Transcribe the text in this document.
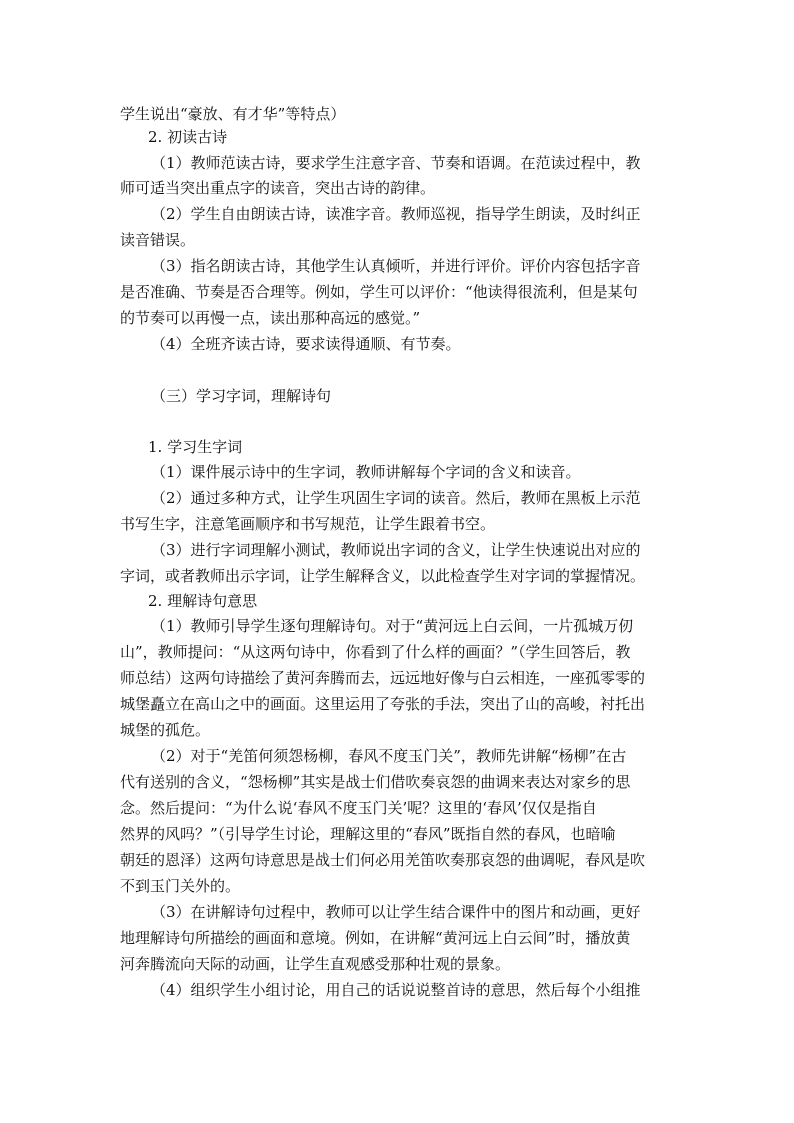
学生说出“豪放、有才华”等特点）
2. 初读古诗
（1）教师范读古诗，要求学生注意字音、节奏和语调。在范读过程中，教
师可适当突出重点字的读音，突出古诗的韵律。
（2）学生自由朗读古诗，读准字音。教师巡视，指导学生朗读，及时纠正
读音错误。
（3）指名朗读古诗，其他学生认真倾听，并进行评价。评价内容包括字音
是否准确、节奏是否合理等。例如，学生可以评价：“他读得很流利，但是某句
的节奏可以再慢一点，读出那种高远的感觉。”
（4）全班齐读古诗，要求读得通顺、有节奏。
（三）学习字词，理解诗句
1. 学习生字词
（1）课件展示诗中的生字词，教师讲解每个字词的含义和读音。
（2）通过多种方式，让学生巩固生字词的读音。然后，教师在黑板上示范
书写生字，注意笔画顺序和书写规范，让学生跟着书空。
（3）进行字词理解小测试，教师说出字词的含义，让学生快速说出对应的
字词，或者教师出示字词，让学生解释含义，以此检查学生对字词的掌握情况。
2. 理解诗句意思
（1）教师引导学生逐句理解诗句。对于“黄河远上白云间，一片孤城万仞
山”，教师提问：“从这两句诗中，你看到了什么样的画面？”（学生回答后，教
师总结）这两句诗描绘了黄河奔腾而去，远远地好像与白云相连，一座孤零零的
城堡矗立在高山之中的画面。这里运用了夸张的手法，突出了山的高峻，衬托出
城堡的孤危。
（2）对于“羌笛何须怨杨柳，春风不度玉门关”，教师先讲解“杨柳”在古
代有送别的含义，“怨杨柳”其实是战士们借吹奏哀怨的曲调来表达对家乡的思
念。然后提问：“为什么说‘春风不度玉门关’呢？这里的‘春风’仅仅是指自
然界的风吗？”（引导学生讨论，理解这里的“春风”既指自然的春风，也暗喻
朝廷的恩泽）这两句诗意思是战士们何必用羌笛吹奏那哀怨的曲调呢，春风是吹
不到玉门关外的。
（3）在讲解诗句过程中，教师可以让学生结合课件中的图片和动画，更好
地理解诗句所描绘的画面和意境。例如，在讲解“黄河远上白云间”时，播放黄
河奔腾流向天际的动画，让学生直观感受那种壮观的景象。
（4）组织学生小组讨论，用自己的话说说整首诗的意思，然后每个小组推
